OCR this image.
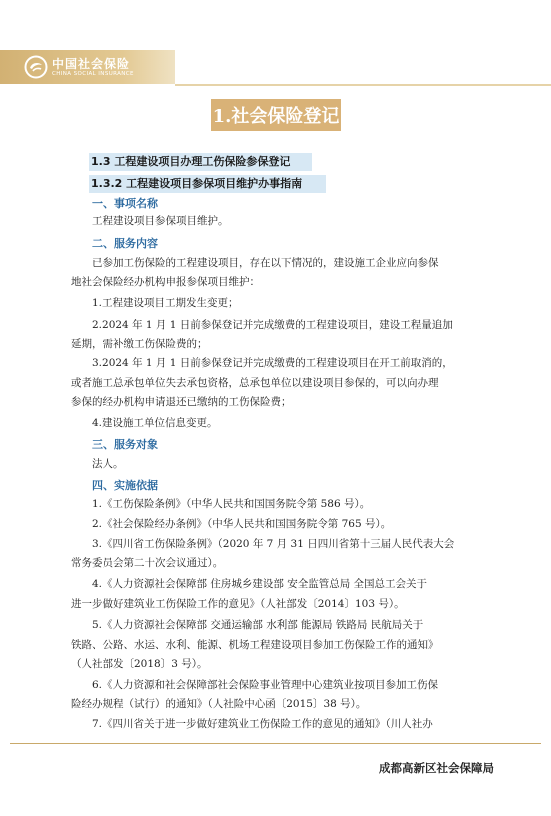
中国社会保险
CHINA SOCIAL INSURANCE
1.社会保险登记
1.3 工程建设项目办理工伤保险参保登记
1.3.2 工程建设项目参保项目维护办事指南
一、事项名称
工程建设项目参保项目维护。
二、服务内容
已参加工伤保险的工程建设项目，存在以下情况的，建设施工企业应向参保
地社会保险经办机构申报参保项目维护：
1.工程建设项目工期发生变更；
2.2024 年 1 月 1 日前参保登记并完成缴费的工程建设项目，建设工程量追加
延期，需补缴工伤保险费的；
3.2024 年 1 月 1 日前参保登记并完成缴费的工程建设项目在开工前取消的，
或者施工总承包单位失去承包资格，总承包单位以建设项目参保的，可以向办理
参保的经办机构申请退还已缴纳的工伤保险费；
4.建设施工单位信息变更。
三、服务对象
法人。
四、实施依据
1.《工伤保险条例》（中华人民共和国国务院令第 586 号）。
2.《社会保险经办条例》（中华人民共和国国务院令第 765 号）。
3.《四川省工伤保险条例》（2020 年 7 月 31 日四川省第十三届人民代表大会
常务委员会第二十次会议通过）。
4.《人力资源社会保障部 住房城乡建设部 安全监管总局 全国总工会关于
进一步做好建筑业工伤保险工作的意见》（人社部发〔2014〕103 号）。
5.《人力资源社会保障部 交通运输部 水利部 能源局 铁路局 民航局关于
铁路、公路、水运、水利、能源、机场工程建设项目参加工伤保险工作的通知》
（人社部发〔2018〕3 号）。
6.《人力资源和社会保障部社会保险事业管理中心建筑业按项目参加工伤保
险经办规程（试行）的通知》（人社险中心函〔2015〕38 号）。
7.《四川省关于进一步做好建筑业工伤保险工作的意见的通知》（川人社办
成都高新区社会保障局
